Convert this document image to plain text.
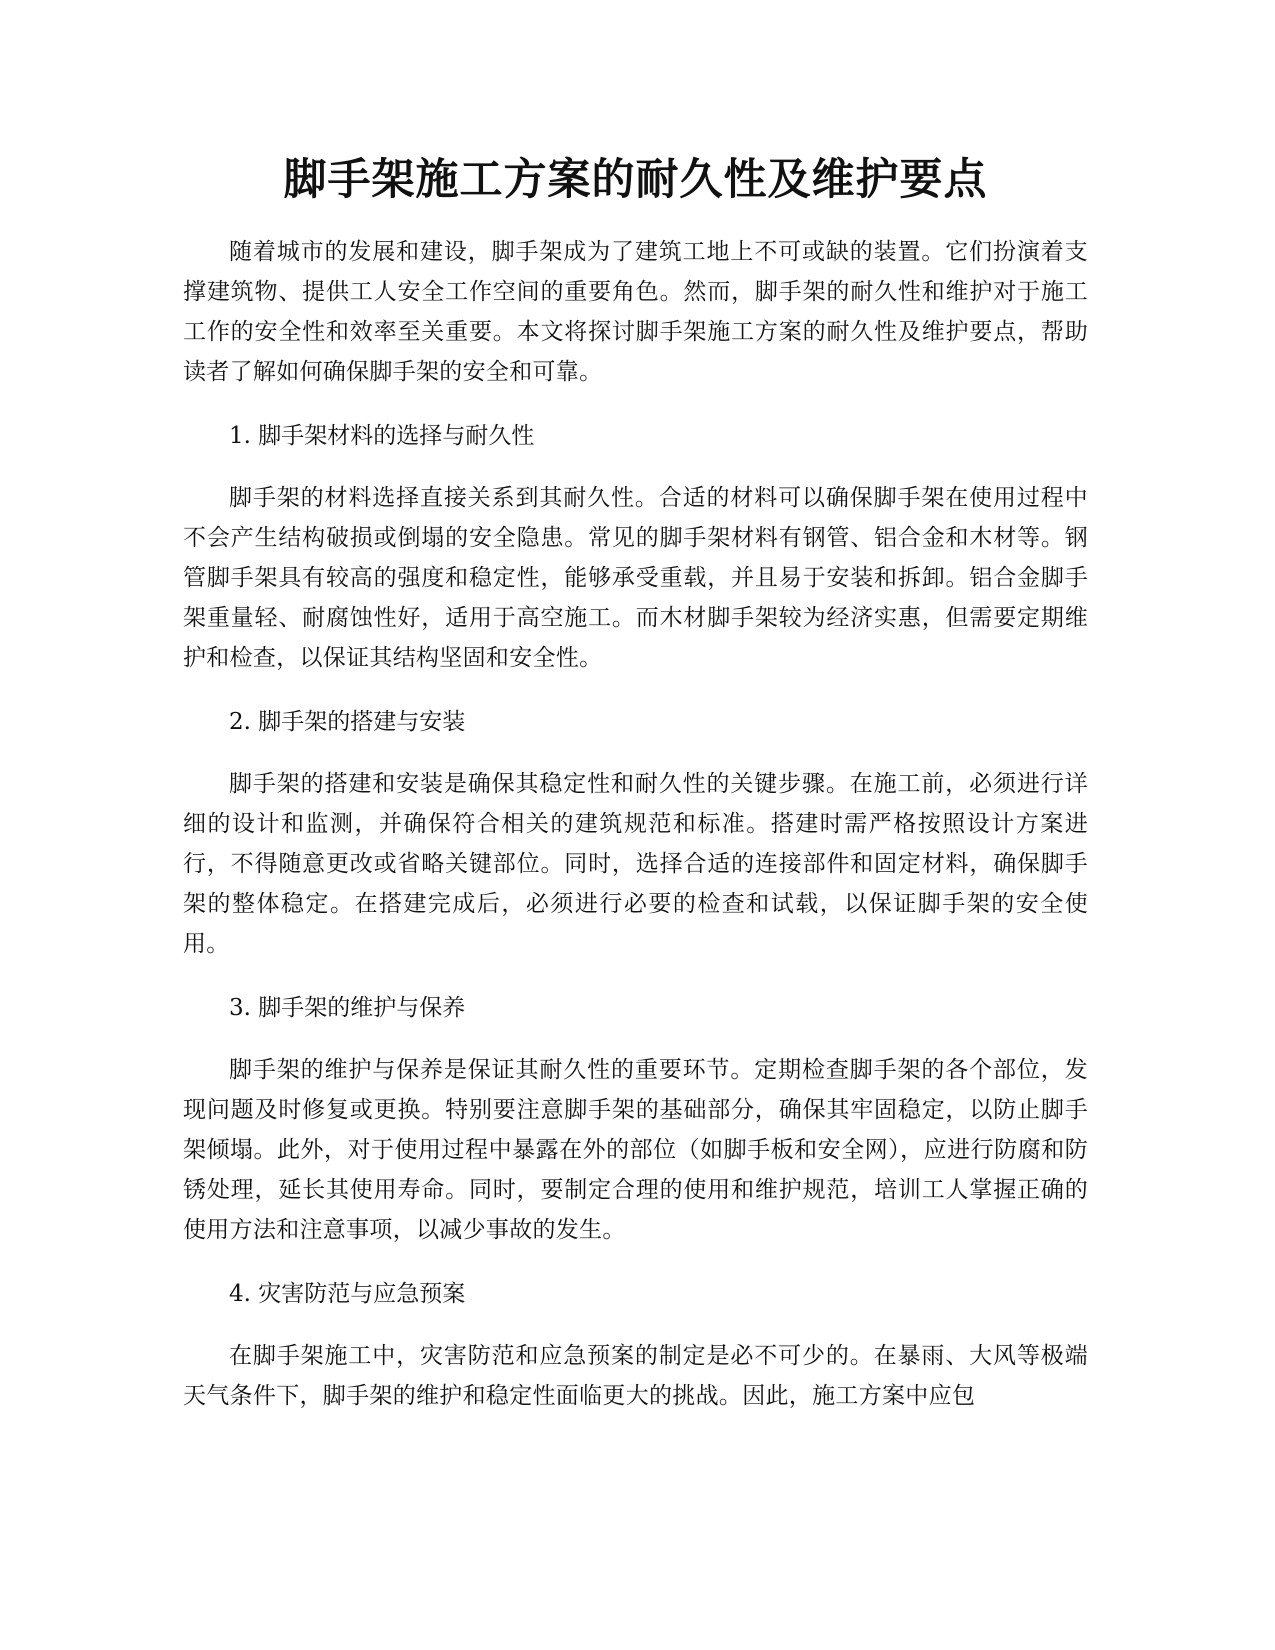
脚手架施工方案的耐久性及维护要点

随着城市的发展和建设，脚手架成为了建筑工地上不可或缺的装置。它们扮演着支撑建筑物、提供工人安全工作空间的重要角色。然而，脚手架的耐久性和维护对于施工工作的安全性和效率至关重要。本文将探讨脚手架施工方案的耐久性及维护要点，帮助读者了解如何确保脚手架的安全和可靠。

1. 脚手架材料的选择与耐久性

脚手架的材料选择直接关系到其耐久性。合适的材料可以确保脚手架在使用过程中不会产生结构破损或倒塌的安全隐患。常见的脚手架材料有钢管、铝合金和木材等。钢管脚手架具有较高的强度和稳定性，能够承受重载，并且易于安装和拆卸。铝合金脚手架重量轻、耐腐蚀性好，适用于高空施工。而木材脚手架较为经济实惠，但需要定期维护和检查，以保证其结构坚固和安全性。

2. 脚手架的搭建与安装

脚手架的搭建和安装是确保其稳定性和耐久性的关键步骤。在施工前，必须进行详细的设计和监测，并确保符合相关的建筑规范和标准。搭建时需严格按照设计方案进行，不得随意更改或省略关键部位。同时，选择合适的连接部件和固定材料，确保脚手架的整体稳定。在搭建完成后，必须进行必要的检查和试载，以保证脚手架的安全使用。

3. 脚手架的维护与保养

脚手架的维护与保养是保证其耐久性的重要环节。定期检查脚手架的各个部位，发现问题及时修复或更换。特别要注意脚手架的基础部分，确保其牢固稳定，以防止脚手架倾塌。此外，对于使用过程中暴露在外的部位（如脚手板和安全网），应进行防腐和防锈处理，延长其使用寿命。同时，要制定合理的使用和维护规范，培训工人掌握正确的使用方法和注意事项，以减少事故的发生。

4. 灾害防范与应急预案

在脚手架施工中，灾害防范和应急预案的制定是必不可少的。在暴雨、大风等极端天气条件下，脚手架的维护和稳定性面临更大的挑战。因此，施工方案中应包
